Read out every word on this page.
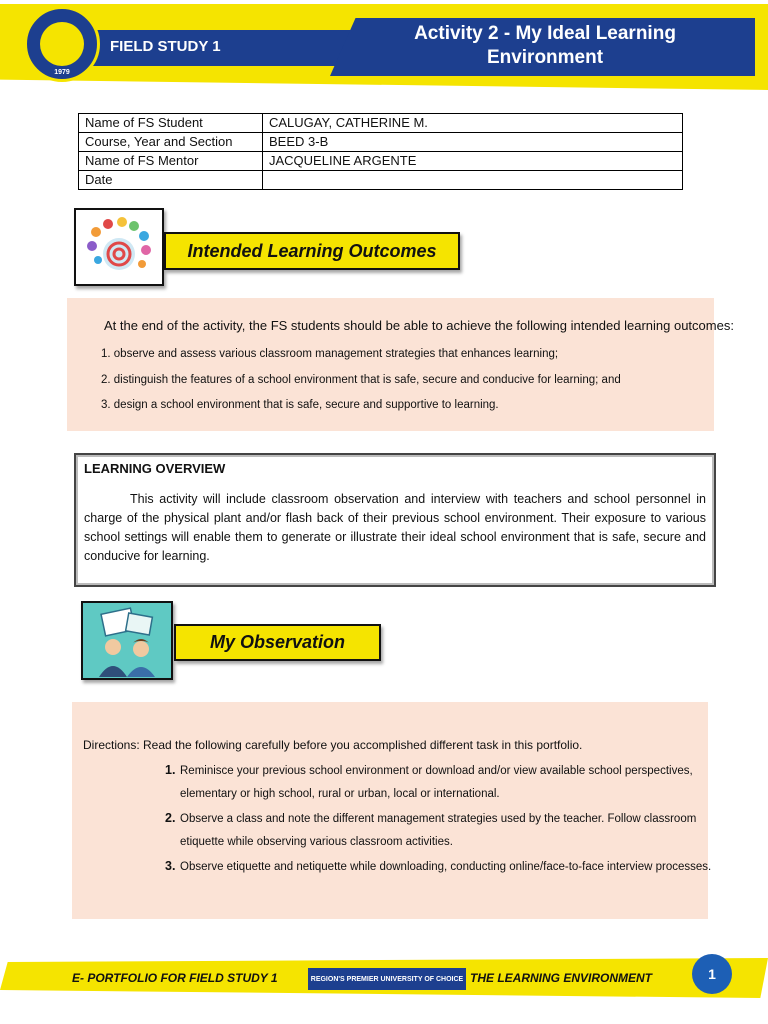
1979
FIELD STUDY 1
Activity 2 - My Ideal Learning
Environment
Name of FS Student	CALUGAY, CATHERINE M.
Course, Year and Section	BEED 3-B
Name of FS Mentor	JACQUELINE ARGENTE
Date	
Intended Learning Outcomes
At the end of the activity, the FS students should be able to achieve the following intended learning outcomes:
1. observe and assess various classroom management strategies that enhances learning;
2. distinguish the features of a school environment that is safe, secure and conducive for learning; and
3. design a school environment that is safe, secure and supportive to learning.
LEARNING OVERVIEW
This activity will include classroom observation and interview with teachers and school personnel in charge of the physical plant and/or flash back of their previous school environment. Their exposure to various school settings will enable them to generate or illustrate their ideal school environment that is safe, secure and conducive for learning.
My Observation
Directions: Read the following carefully before you accomplished different task in this portfolio.
1. Reminisce your previous school environment or download and/or view available school perspectives,
elementary or high school, rural or urban, local or international.
2. Observe a class and note the different management strategies used by the teacher. Follow classroom
etiquette while observing various classroom activities.
3. Observe etiquette and netiquette while downloading, conducting online/face-to-face interview processes.
E- PORTFOLIO FOR FIELD STUDY 1	REGION'S PREMIER UNIVERSITY OF CHOICE THE LEARNING ENVIRONMENT	1
